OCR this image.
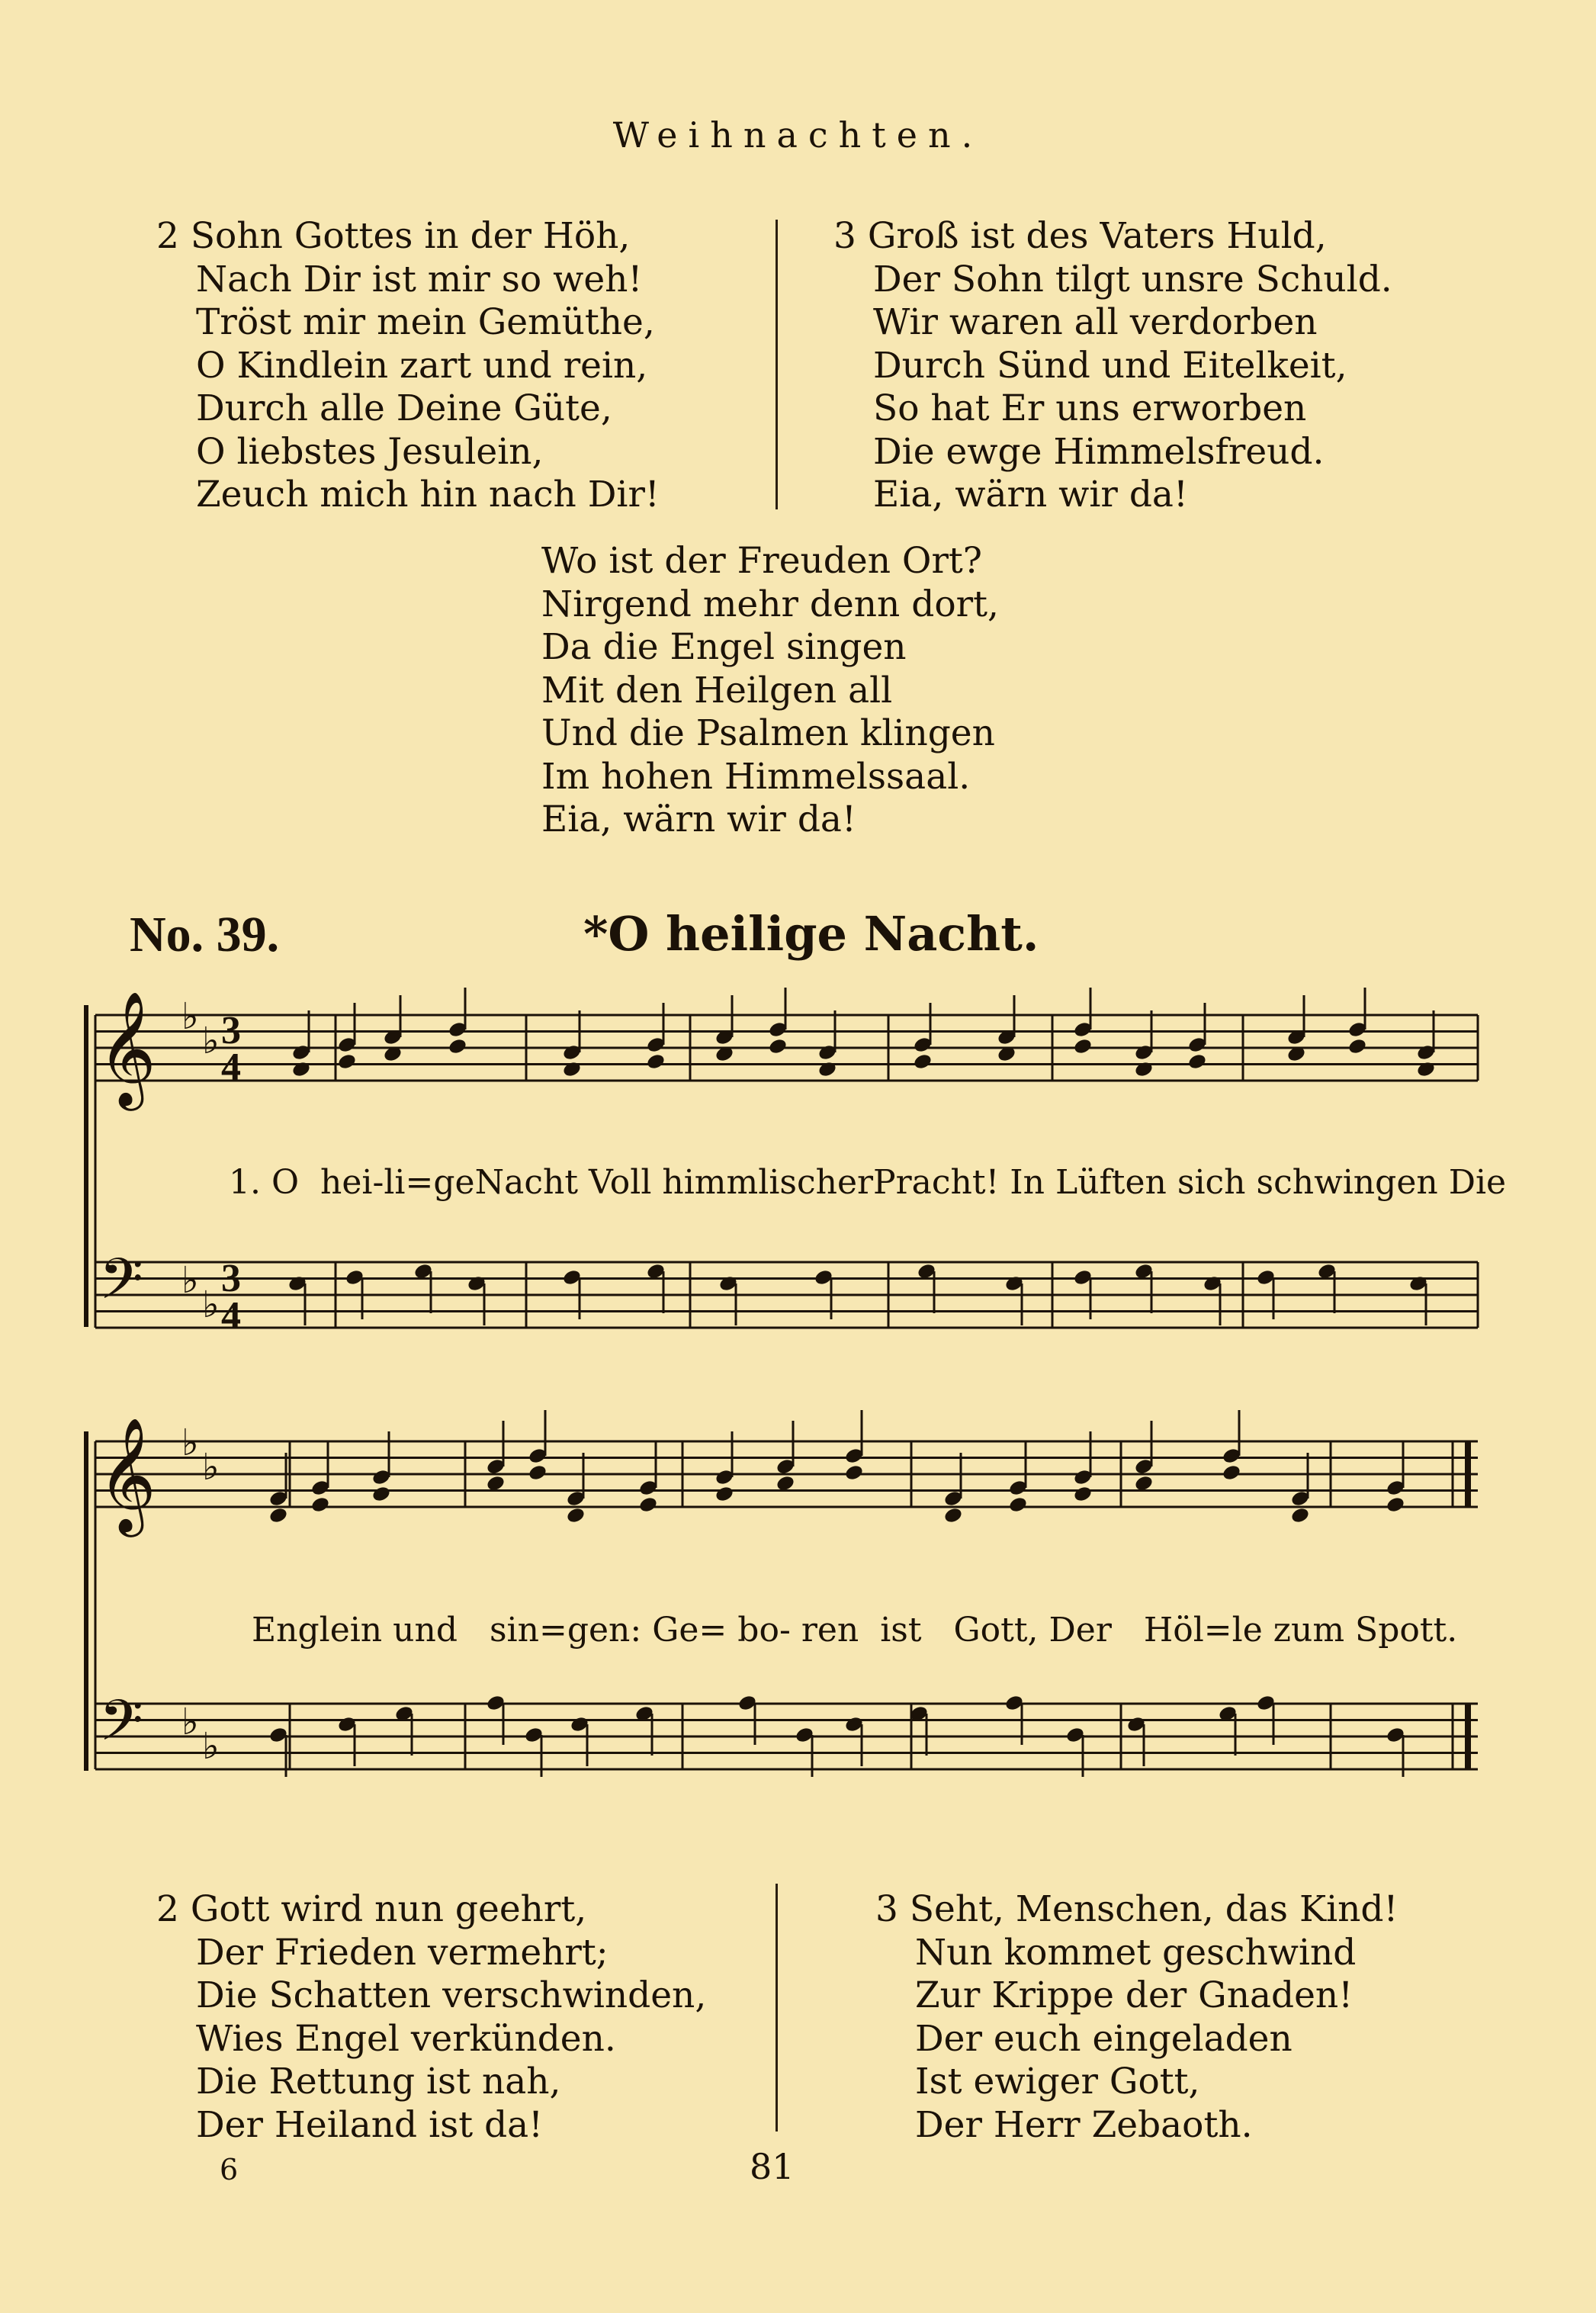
Weihnachten.
2 Sohn Gottes in der Höh,
Nach Dir ist mir so weh!
Tröst mir mein Gemüthe,
O Kindlein zart und rein,
Durch alle Deine Güte,
O liebstes Jesulein,
Zeuch mich hin nach Dir!
3 Groß ist des Vaters Huld,
Der Sohn tilgt unsre Schuld.
Wir waren all verdorben
Durch Sünd und Eitelkeit,
So hat Er uns erworben
Die ewge Himmelsfreud.
Eia, wärn wir da!
Wo ist der Freuden Ort?
Nirgend mehr denn dort,
Da die Engel singen
Mit den Heilgen all
Und die Psalmen klingen
Im hohen Himmelssaal.
Eia, wärn wir da!
No. 39.	*O heilige Nacht.
𝄞
𝄢
♭
♭
♭
♭
𝄞
𝄢
♭
♭
♭
♭
3
4
3
4
1. O hei-li=geNacht Voll himmlischerPracht! In Lüften sich schwingen Die
Englein und sin=gen: Ge= bo- ren ist Gott, Der Höl=le zum Spott.
2 Gott wird nun geehrt,
Der Frieden vermehrt;
Die Schatten verschwinden,
Wies Engel verkünden.
Die Rettung ist nah,
Der Heiland ist da!
3 Seht, Menschen, das Kind!
Nun kommet geschwind
Zur Krippe der Gnaden!
Der euch eingeladen
Ist ewiger Gott,
Der Herr Zebaoth.
6	81
